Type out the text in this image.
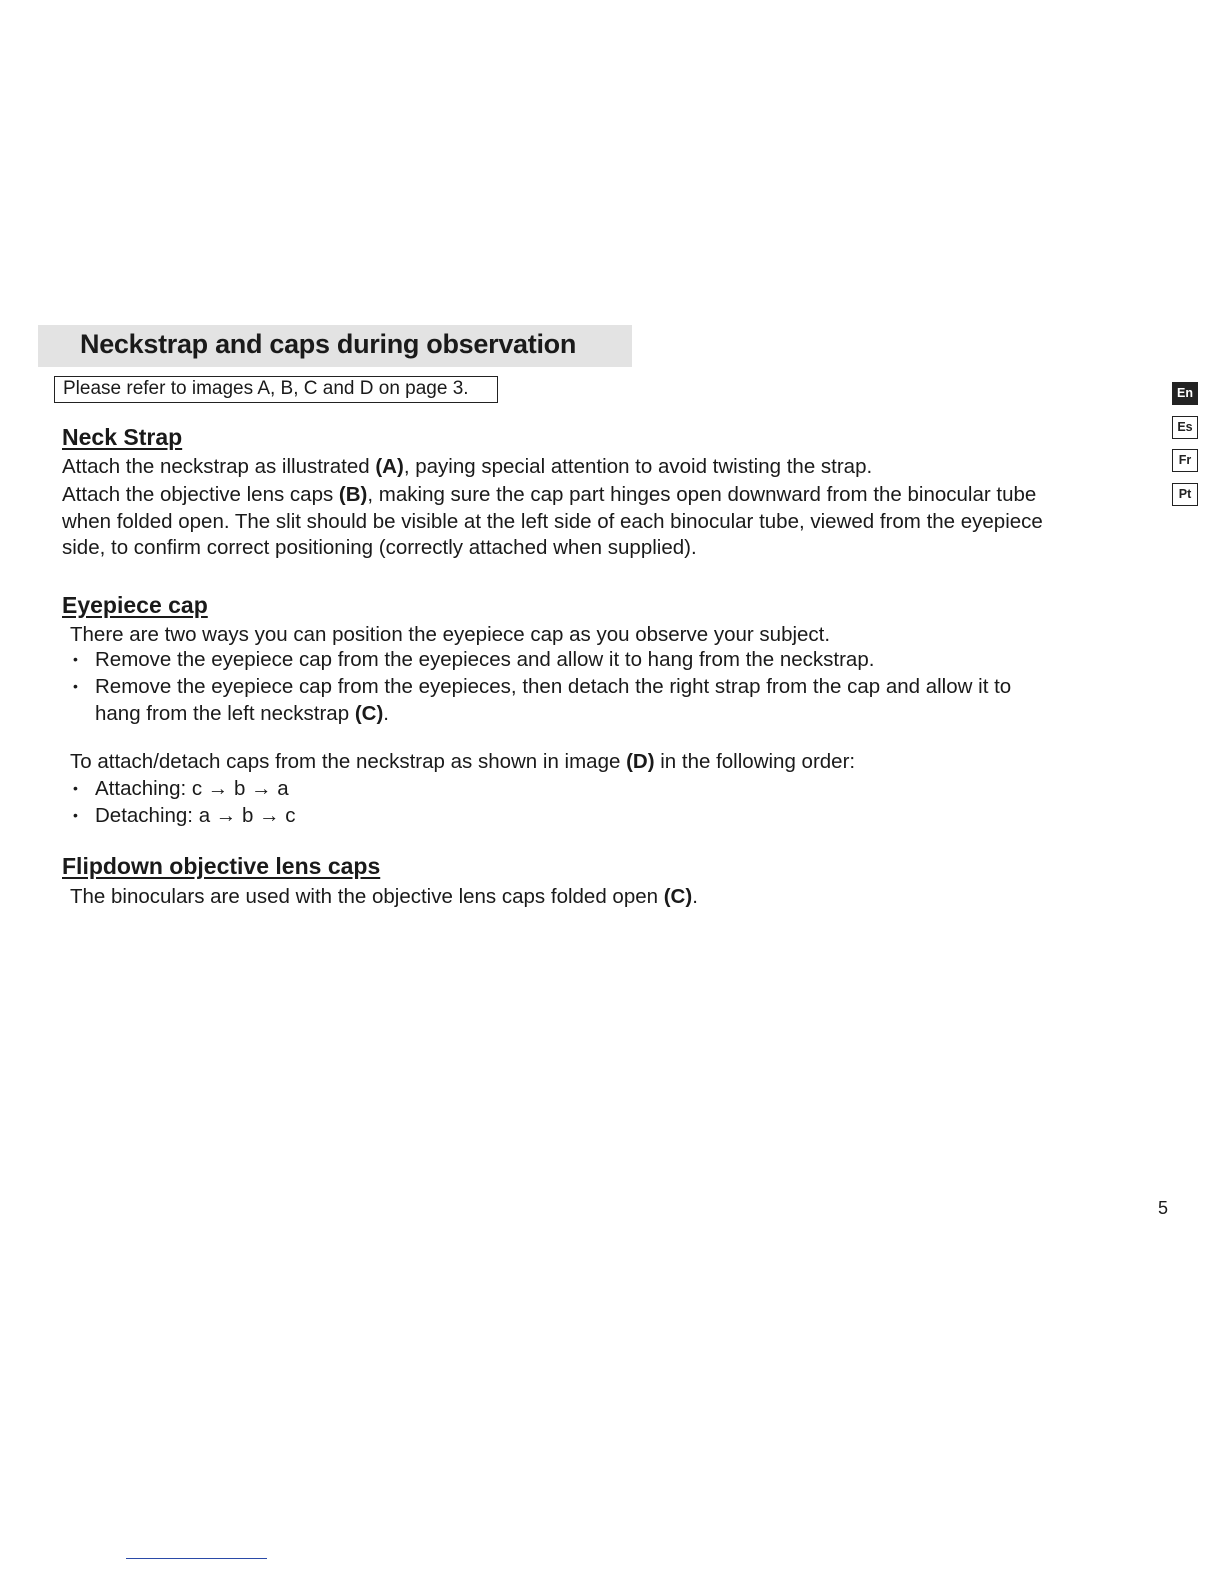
Neckstrap and caps during observation
Please refer to images A, B, C and D on page 3.
Neck Strap
Attach the neckstrap as illustrated (A), paying special attention to avoid twisting the strap.
Attach the objective lens caps (B), making sure the cap part hinges open downward from the binocular tube
when folded open. The slit should be visible at the left side of each binocular tube, viewed from the eyepiece
side, to confirm correct positioning (correctly attached when supplied).
Eyepiece cap
There are two ways you can position the eyepiece cap as you observe your subject.
• Remove the eyepiece cap from the eyepieces and allow it to hang from the neckstrap.
• Remove the eyepiece cap from the eyepieces, then detach the right strap from the cap and allow it to
hang from the left neckstrap (C).
To attach/detach caps from the neckstrap as shown in image (D) in the following order:
• Attaching: c → b → a
• Detaching: a → b → c
Flipdown objective lens caps
The binoculars are used with the objective lens caps folded open (C).
En
Es
Fr
Pt
5
